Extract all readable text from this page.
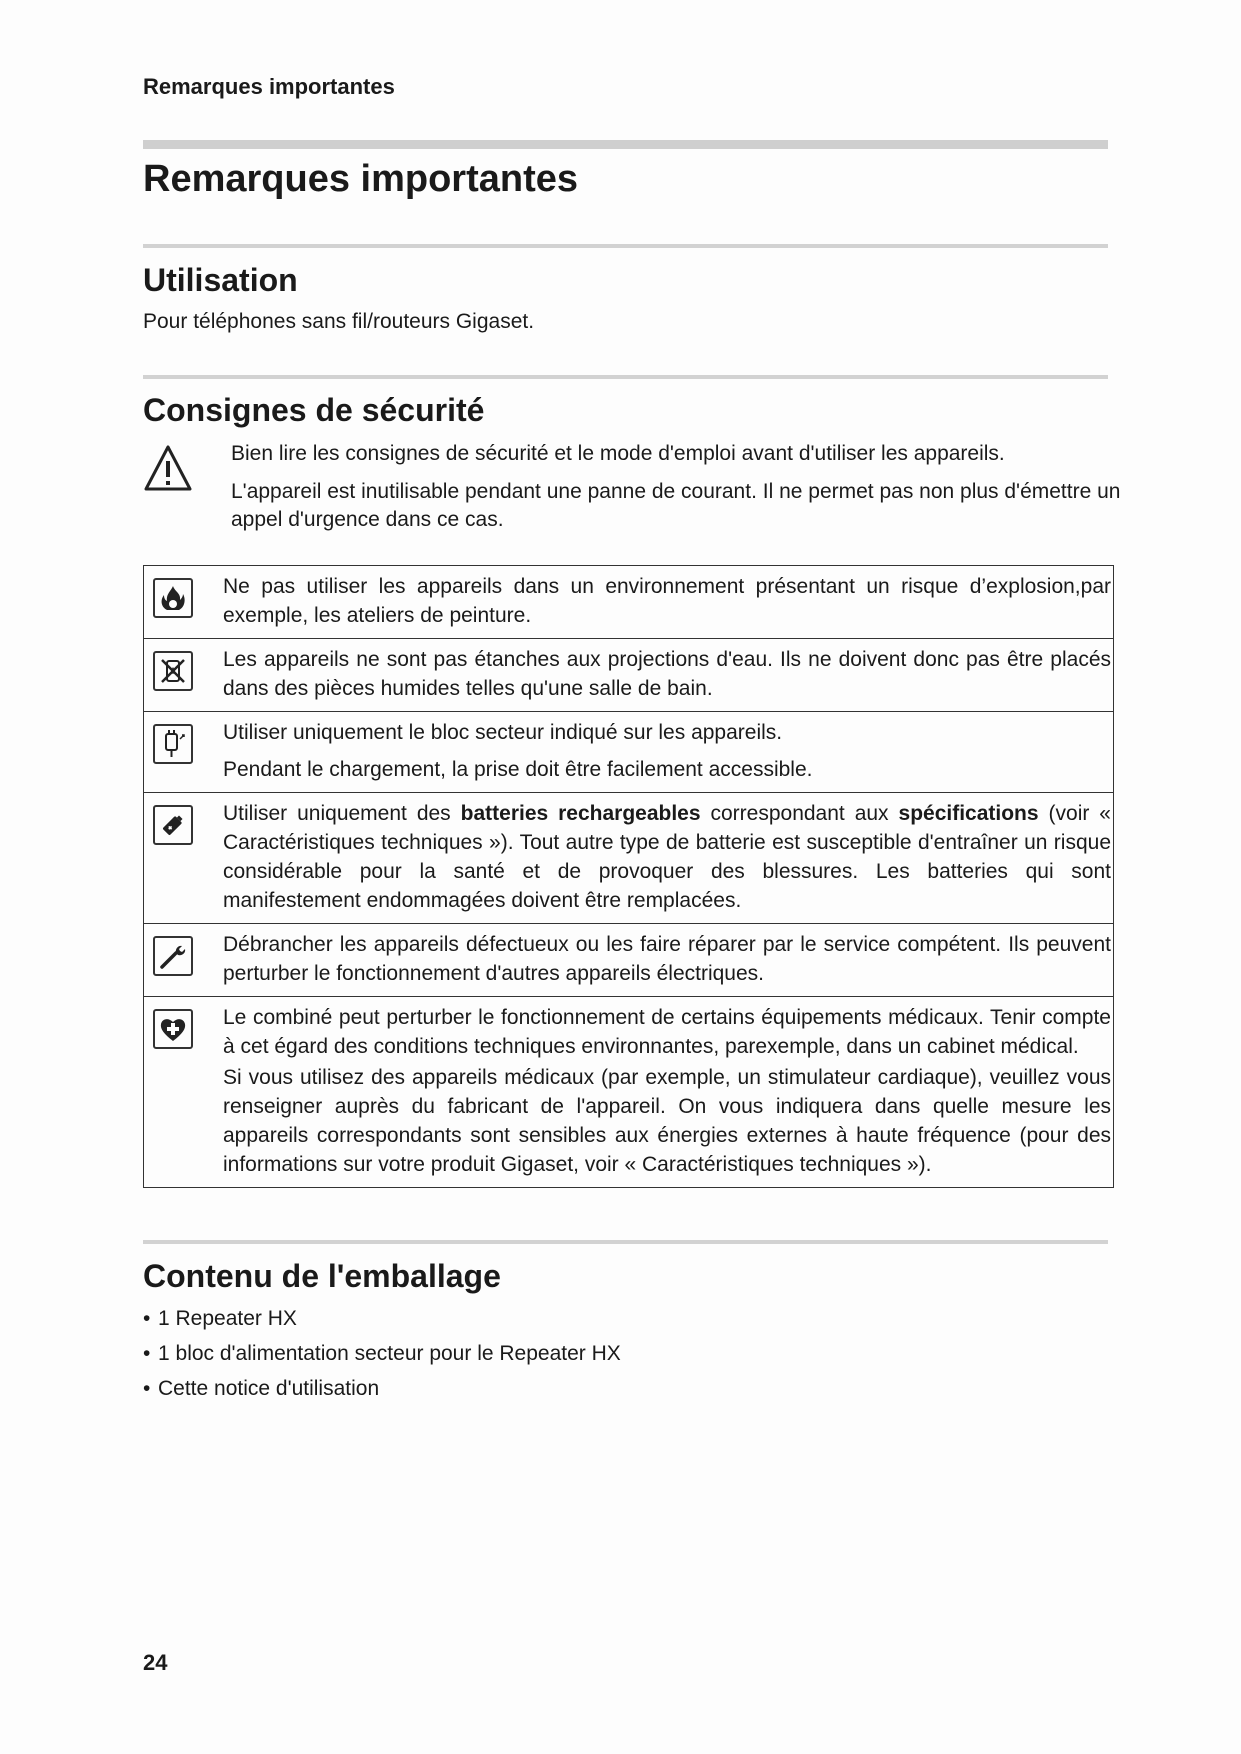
Remarques importantes
Remarques importantes
Utilisation

Pour téléphones sans fil/routeurs Gigaset.

Consignes de sécurité

Bien lire les consignes de sécurité et le mode d'emploi avant d'utiliser les appareils.

L'appareil est inutilisable pendant une panne de courant. Il ne permet pas non plus d'émettre un appel d'urgence dans ce cas.

Ne pas utiliser les appareils dans un environnement présentant un risque d’explosion,par exemple, les ateliers de peinture.

Les appareils ne sont pas étanches aux projections d'eau. Ils ne doivent donc pas être placés dans des pièces humides telles qu'une salle de bain.

Utiliser uniquement le bloc secteur indiqué sur les appareils.

Pendant le chargement, la prise doit être facilement accessible.

Utiliser uniquement des batteries rechargeables correspondant aux spécifications (voir « Caractéristiques techniques »). Tout autre type de batterie est susceptible d'entraîner un risque considérable pour la santé et de provoquer des blessures. Les batteries qui sont manifestement endommagées doivent être remplacées.

Débrancher les appareils défectueux ou les faire réparer par le service compétent. Ils peuvent perturber le fonctionnement d'autres appareils électriques.

Le combiné peut perturber le fonctionnement de certains équipements médicaux. Tenir compte à cet égard des conditions techniques environnantes, parexemple, dans un cabinet médical.

Si vous utilisez des appareils médicaux (par exemple, un stimulateur cardiaque), veuillez vous renseigner auprès du fabricant de l'appareil. On vous indiquera dans quelle mesure les appareils correspondants sont sensibles aux énergies externes à haute fréquence (pour des informations sur votre produit Gigaset, voir « Caractéristiques techniques »).

Contenu de l'emballage
• 1 Repeater HX
• 1 bloc d'alimentation secteur pour le Repeater HX
• Cette notice d'utilisation
24
